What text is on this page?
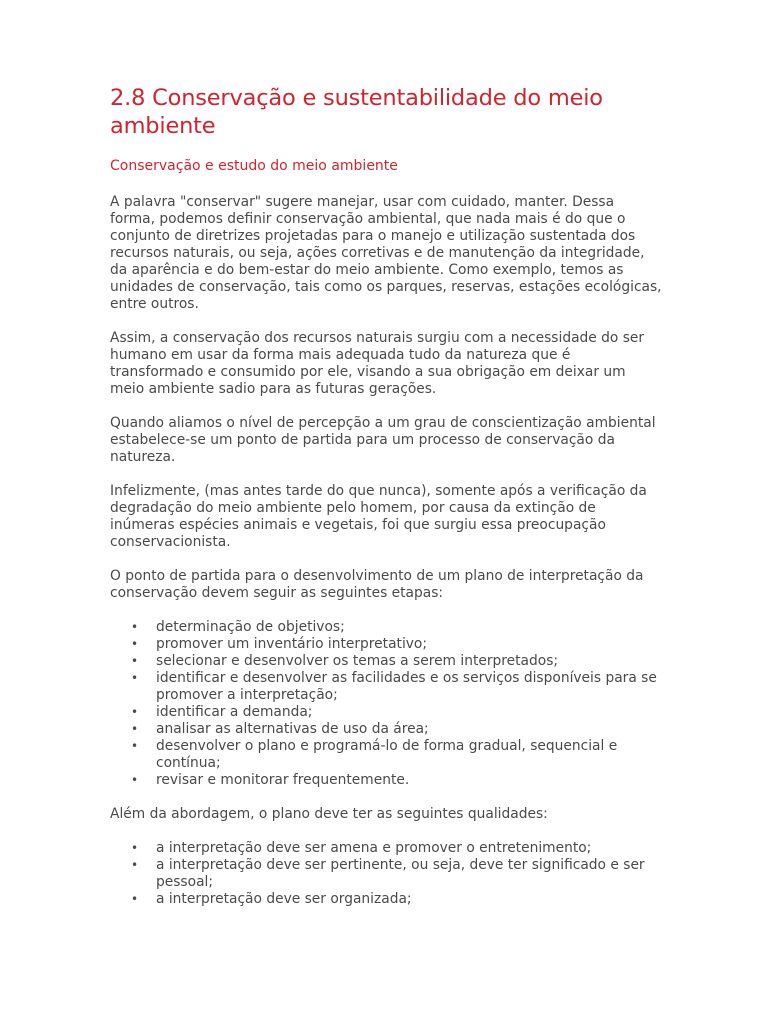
2.8 Conservação e sustentabilidade do meio ambiente
Conservação e estudo do meio ambiente

A palavra "conservar" sugere manejar, usar com cuidado, manter. Dessa forma, podemos definir conservação ambiental, que nada mais é do que o conjunto de diretrizes projetadas para o manejo e utilização sustentada dos recursos naturais, ou seja, ações corretivas e de manutenção da integridade, da aparência e do bem-estar do meio ambiente. Como exemplo, temos as unidades de conservação, tais como os parques, reservas, estações ecológicas, entre outros.

Assim, a conservação dos recursos naturais surgiu com a necessidade do ser humano em usar da forma mais adequada tudo da natureza que é transformado e consumido por ele, visando a sua obrigação em deixar um meio ambiente sadio para as futuras gerações.

Quando aliamos o nível de percepção a um grau de conscientização ambiental estabelece-se um ponto de partida para um processo de conservação da natureza.

Infelizmente, (mas antes tarde do que nunca), somente após a verificação da degradação do meio ambiente pelo homem, por causa da extinção de inúmeras espécies animais e vegetais, foi que surgiu essa preocupação conservacionista.

O ponto de partida para o desenvolvimento de um plano de interpretação da conservação devem seguir as seguintes etapas:

• determinação de objetivos;
• promover um inventário interpretativo;
• selecionar e desenvolver os temas a serem interpretados;
• identificar e desenvolver as facilidades e os serviços disponíveis para se promover a interpretação;
• identificar a demanda;
• analisar as alternativas de uso da área;
• desenvolver o plano e programá-lo de forma gradual, sequencial e contínua;
• revisar e monitorar frequentemente.

Além da abordagem, o plano deve ter as seguintes qualidades:

• a interpretação deve ser amena e promover o entretenimento;
• a interpretação deve ser pertinente, ou seja, deve ter significado e ser pessoal;
• a interpretação deve ser organizada;
